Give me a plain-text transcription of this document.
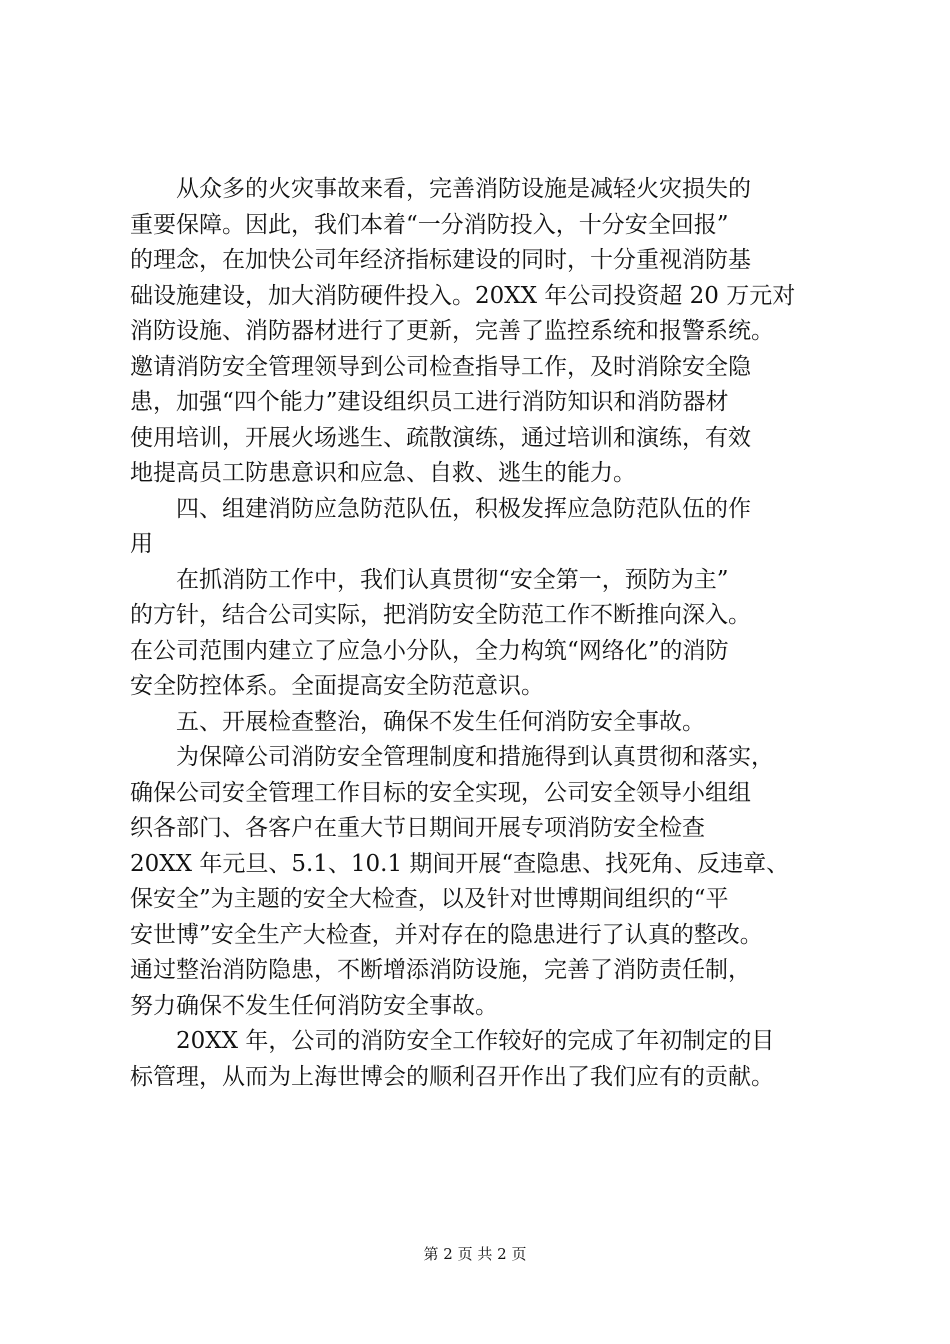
从众多的火灾事故来看，完善消防设施是减轻火灾损失的
重要保障。因此，我们本着“一分消防投入，十分安全回报”
的理念，在加快公司年经济指标建设的同时，十分重视消防基
础设施建设，加大消防硬件投入。20XX 年公司投资超 20 万元对
消防设施、消防器材进行了更新，完善了监控系统和报警系统。
邀请消防安全管理领导到公司检查指导工作，及时消除安全隐
患，加强“四个能力”建设组织员工进行消防知识和消防器材
使用培训，开展火场逃生、疏散演练，通过培训和演练，有效
地提高员工防患意识和应急、自救、逃生的能力。
四、组建消防应急防范队伍，积极发挥应急防范队伍的作
用
在抓消防工作中，我们认真贯彻“安全第一，预防为主”
的方针，结合公司实际，把消防安全防范工作不断推向深入。
在公司范围内建立了应急小分队，全力构筑“网络化”的消防
安全防控体系。全面提高安全防范意识。
五、开展检查整治，确保不发生任何消防安全事故。
为保障公司消防安全管理制度和措施得到认真贯彻和落实，
确保公司安全管理工作目标的安全实现，公司安全领导小组组
织各部门、各客户在重大节日期间开展专项消防安全检查
20XX 年元旦、5.1、10.1 期间开展“查隐患、找死角、反违章、
保安全”为主题的安全大检查，以及针对世博期间组织的“平
安世博”安全生产大检查，并对存在的隐患进行了认真的整改。
通过整治消防隐患，不断增添消防设施，完善了消防责任制，
努力确保不发生任何消防安全事故。
20XX 年，公司的消防安全工作较好的完成了年初制定的目
标管理，从而为上海世博会的顺利召开作出了我们应有的贡献。
第 2 页 共 2 页
